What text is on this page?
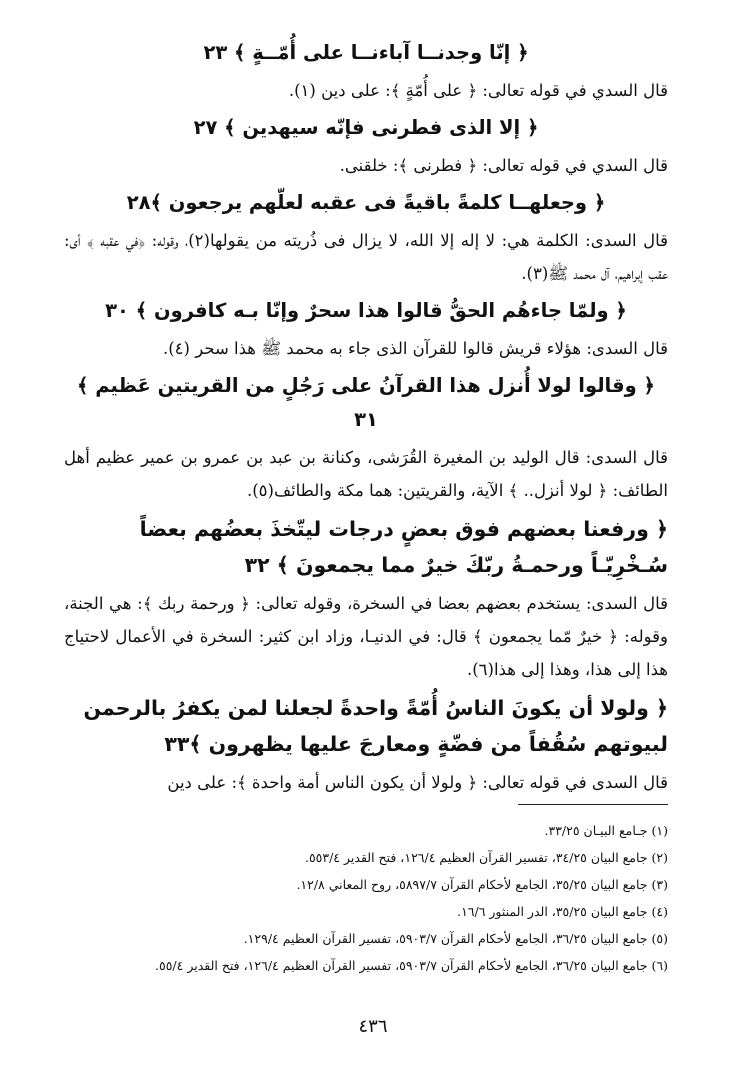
﴿ إنّا وجدنــا آباءنــا على أُمّــةٍ ﴾ ٢٣
قال السدي في قوله تعالى: ﴿ على أُمّةٍ ﴾: على دين (١).
﴿ إلا الذى فطرنى فإنّه سيهدين ﴾ ٢٧
قال السدي في قوله تعالى: ﴿ فطرنى ﴾: خلقنى.
﴿ وجعلهــا كلمةً باقيةً فى عقبه لعلّهم يرجعون ﴾٢٨
قال السدى: الكلمة هي: لا إله إلا الله، لا يزال فى ذُريته من يقولها(٢)، وقوله: ﴿في عقبه ﴾ أى: عقب إبراهيم، آل محمد ﷺ(٣).
﴿ ولمّا جاءهُم الحقُّ قالوا هذا سحرٌ وإنّا بـه كافرون ﴾ ٣٠
قال السدى: هؤلاء قريش قالوا للقرآن الذى جاء به محمد ﷺ هذا سحر (٤).
﴿ وقالوا لولا أُنزل هذا القرآنُ على رَجُلٍ من القريتين عَظيم ﴾ ٣١
قال السدى: قال الوليد بن المغيرة القُرَشى، وكنانة بن عبد بن عمرو بن عمير عظيم أهل الطائف: ﴿ لولا أنزل.. ﴾ الآية، والقريتين: هما مكة والطائف(٥).
﴿ ورفعنا بعضهم فوق بعضٍ درجات ليتّخذَ بعضُهم بعضاً سُـخْرِيّـاً ورحمـةُ ربّكَ خيرٌ مما يجمعونَ ﴾ ٣٢
قال السدى: يستخدم بعضهم بعضا في السخرة، وقوله تعالى: ﴿ ورحمة ربك ﴾: هي الجنة، وقوله: ﴿ خيرٌ مّما يجمعون ﴾ قال: في الدنيـا، وزاد ابن كثير: السخرة في الأعمال لاحتياج هذا إلى هذا، وهذا إلى هذا(٦).
﴿ ولولا أن يكونَ الناسُ أُمّةً واحدةً لجعلنا لمن يكفرُ بالرحمن لبيوتهم سُقُفاً من فضّةٍ ومعارجَ عليها يظهرون ﴾٣٣
قال السدى في قوله تعالى: ﴿ ولولا أن يكون الناس أمة واحدة ﴾: على دين
(١) جـامع البيـان ٣٣/٢٥.
(٢) جامع البيان ٣٤/٢٥، تفسير القرآن العظيم ١٢٦/٤، فتح القدير ٥٥٣/٤.
(٣) جامع البيان ٣٥/٢٥، الجامع لأحكام القرآن ٥٨٩٧/٧، روح المعاني ١٢/٨.
(٤) جامع البيان ٣٥/٢٥، الدر المنثور ١٦/٦.
(٥) جامع البيان ٣٦/٢٥، الجامع لأحكام القرآن ٥٩٠٣/٧، تفسير القرآن العظيم ١٢٩/٤.
(٦) جامع البيان ٣٦/٢٥، الجامع لأحكام القرآن ٥٩٠٣/٧، تفسير القرآن العظيم ١٢٦/٤، فتح القدير ٥٥/٤.
٤٣٦
